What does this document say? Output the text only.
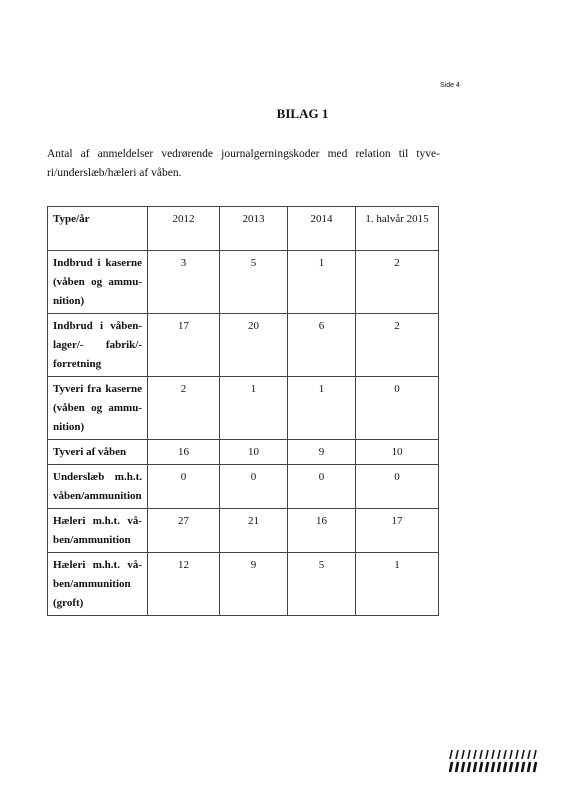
Side 4
BILAG 1
Antal af anmeldelser vedrørende journalgerningskoder med relation til tyve-ri/underslæb/hæleri af våben.
Type/år	2012	2013	2014	1. halvår 2015
Indbrud i kaserne (våben og ammu-nition)	3	5	1	2
Indbrud i våben-lager/- fabrik/-forretning	17	20	6	2
Tyveri fra kaserne (våben og ammu-nition)	2	1	1	0
Tyveri af våben	16	10	9	10
Underslæb m.h.t. våben/ammunition	0	0	0	0
Hæleri m.h.t. vå-ben/ammunition	27	21	16	17
Hæleri m.h.t. vå-ben/ammunition (groft)	12	9	5	1
